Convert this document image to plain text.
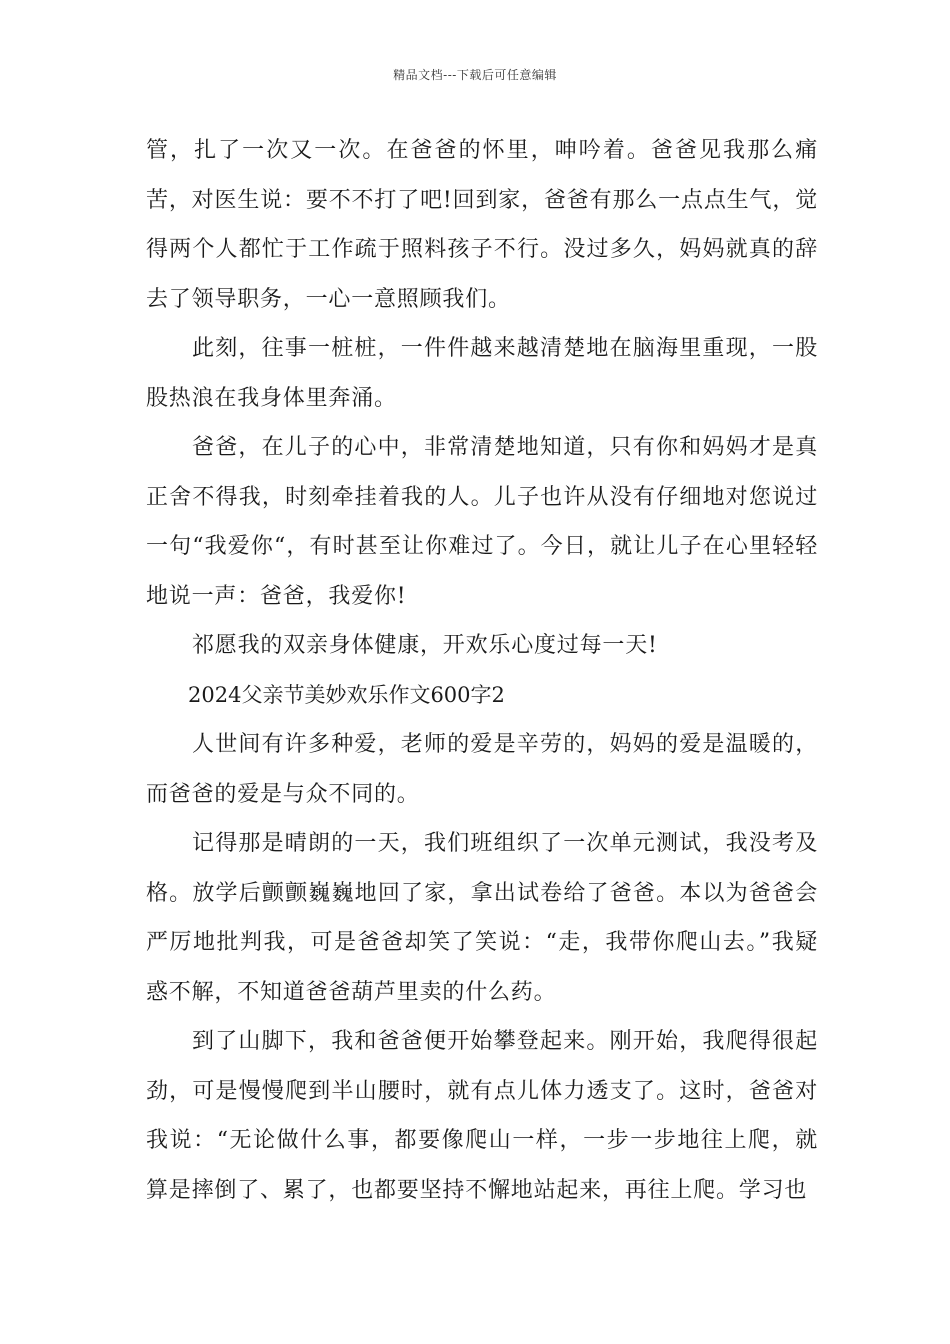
精品文档---下载后可任意编辑

管，扎了一次又一次。在爸爸的怀里，呻吟着。爸爸见我那么痛苦，对医生说：要不不打了吧!回到家，爸爸有那么一点点生气，觉得两个人都忙于工作疏于照料孩子不行。没过多久，妈妈就真的辞去了领导职务，一心一意照顾我们。

此刻，往事一桩桩，一件件越来越清楚地在脑海里重现，一股股热浪在我身体里奔涌。

爸爸，在儿子的心中，非常清楚地知道，只有你和妈妈才是真正舍不得我，时刻牵挂着我的人。儿子也许从没有仔细地对您说过一句“我爱你“，有时甚至让你难过了。今日，就让儿子在心里轻轻地说一声：爸爸，我爱你!

祁愿我的双亲身体健康，开欢乐心度过每一天!

2024父亲节美妙欢乐作文600字2

人世间有许多种爱，老师的爱是辛劳的，妈妈的爱是温暖的，而爸爸的爱是与众不同的。

记得那是晴朗的一天，我们班组织了一次单元测试，我没考及格。放学后颤颤巍巍地回了家，拿出试卷给了爸爸。本以为爸爸会严厉地批判我，可是爸爸却笑了笑说：“走，我带你爬山去。”我疑惑不解，不知道爸爸葫芦里卖的什么药。

到了山脚下，我和爸爸便开始攀登起来。刚开始，我爬得很起劲，可是慢慢爬到半山腰时，就有点儿体力透支了。这时，爸爸对我说：“无论做什么事，都要像爬山一样，一步一步地往上爬，就算是摔倒了、累了，也都要坚持不懈地站起来，再往上爬。学习也
